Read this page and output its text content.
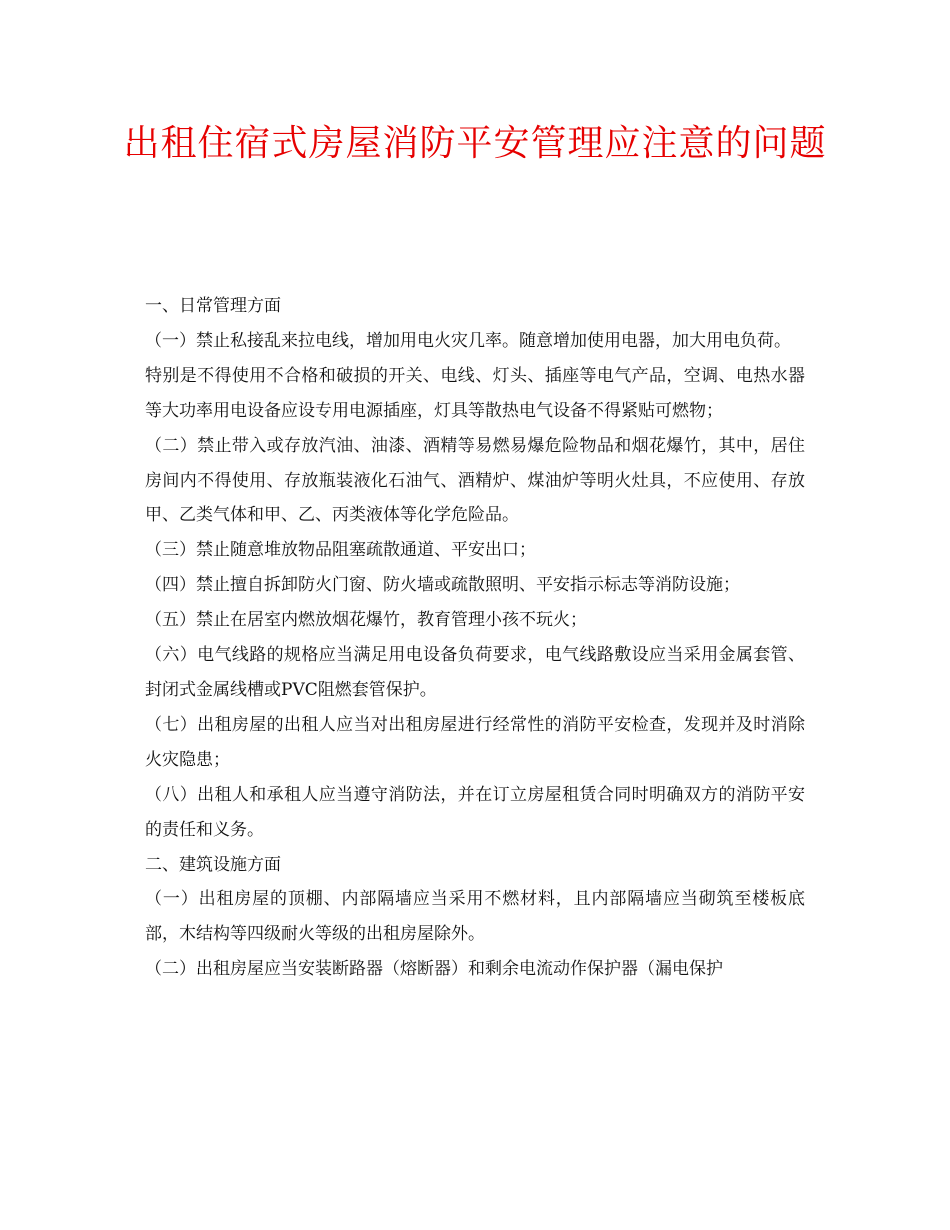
出租住宿式房屋消防平安管理应注意的问题

一、日常管理方面

（一）禁止私接乱来拉电线，增加用电火灾几率。随意增加使用电器，加大用电负荷。

特别是不得使用不合格和破损的开关、电线、灯头、插座等电气产品，空调、电热水器等大功率用电设备应设专用电源插座，灯具等散热电气设备不得紧贴可燃物；

（二）禁止带入或存放汽油、油漆、酒精等易燃易爆危险物品和烟花爆竹，其中，居住房间内不得使用、存放瓶装液化石油气、酒精炉、煤油炉等明火灶具，不应使用、存放甲、乙类气体和甲、乙、丙类液体等化学危险品。

（三）禁止随意堆放物品阻塞疏散通道、平安出口；

（四）禁止擅自拆卸防火门窗、防火墙或疏散照明、平安指示标志等消防设施；

（五）禁止在居室内燃放烟花爆竹，教育管理小孩不玩火；

（六）电气线路的规格应当满足用电设备负荷要求，电气线路敷设应当采用金属套管、封闭式金属线槽或PVC阻燃套管保护。

（七）出租房屋的出租人应当对出租房屋进行经常性的消防平安检查，发现并及时消除火灾隐患；

（八）出租人和承租人应当遵守消防法，并在订立房屋租赁合同时明确双方的消防平安的责任和义务。

二、建筑设施方面

（一）出租房屋的顶棚、内部隔墙应当采用不燃材料，且内部隔墙应当砌筑至楼板底部，木结构等四级耐火等级的出租房屋除外。

（二）出租房屋应当安装断路器（熔断器）和剩余电流动作保护器（漏电保护
